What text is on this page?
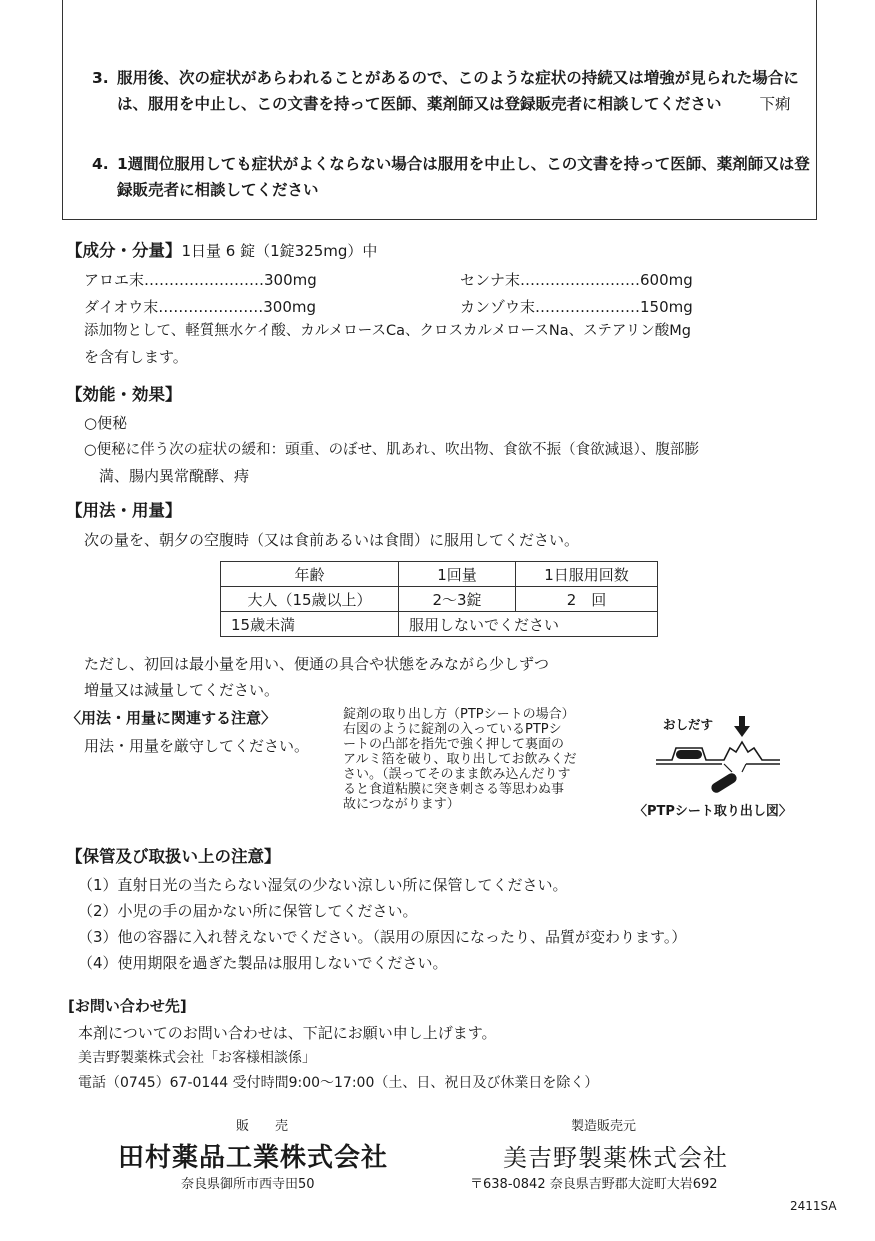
3. 服用後、次の症状があらわれることがあるので、このような症状の持続又は増強が見られた場合には、服用を中止し、この文書を持って医師、薬剤師又は登録販売者に相談してください 下痢
4. 1週間位服用しても症状がよくならない場合は服用を中止し、この文書を持って医師、薬剤師又は登録販売者に相談してください
【成分・分量】1日量 6 錠（1錠325mg）中
アロエ末……………………300mg	センナ末……………………600mg
ダイオウ末…………………300mg	カンゾウ末…………………150mg
添加物として、軽質無水ケイ酸、カルメロースCa、クロスカルメロースNa、ステアリン酸Mg
を含有します。
【効能・効果】
○便秘
○便秘に伴う次の症状の緩和：頭重、のぼせ、肌あれ、吹出物、食欲不振（食欲減退）、腹部膨
満、腸内異常醗酵、痔
【用法・用量】
次の量を、朝夕の空腹時（又は食前あるいは食間）に服用してください。
年齢	1回量	1日服用回数
大人（15歳以上）	2〜3錠	2　回
15歳未満	服用しないでください	
ただし、初回は最小量を用い、便通の具合や状態をみながら少しずつ
増量又は減量してください。
〈用法・用量に関連する注意〉
用法・用量を厳守してください。
錠剤の取り出し方（PTPシートの場合）
右図のように錠剤の入っているPTPシ
ートの凸部を指先で強く押して裏面の
アルミ箔を破り、取り出してお飲みくだ
さい。（誤ってそのまま飲み込んだりす
ると食道粘膜に突き刺さる等思わぬ事
故につながります）
おしだす
〈PTPシート取り出し図〉
【保管及び取扱い上の注意】
（1）直射日光の当たらない湿気の少ない涼しい所に保管してください。
（2）小児の手の届かない所に保管してください。
（3）他の容器に入れ替えないでください。（誤用の原因になったり、品質が変わります。）
（4）使用期限を過ぎた製品は服用しないでください。
[お問い合わせ先]
本剤についてのお問い合わせは、下記にお願い申し上げます。
美吉野製薬株式会社「お客様相談係」
電話（0745）67-0144 受付時間9:00〜17:00（土、日、祝日及び休業日を除く）
販　　売
田村薬品工業株式会社
奈良県御所市西寺田50
製造販売元
美吉野製薬株式会社
〒638-0842 奈良県吉野郡大淀町大岩692
2411SA
